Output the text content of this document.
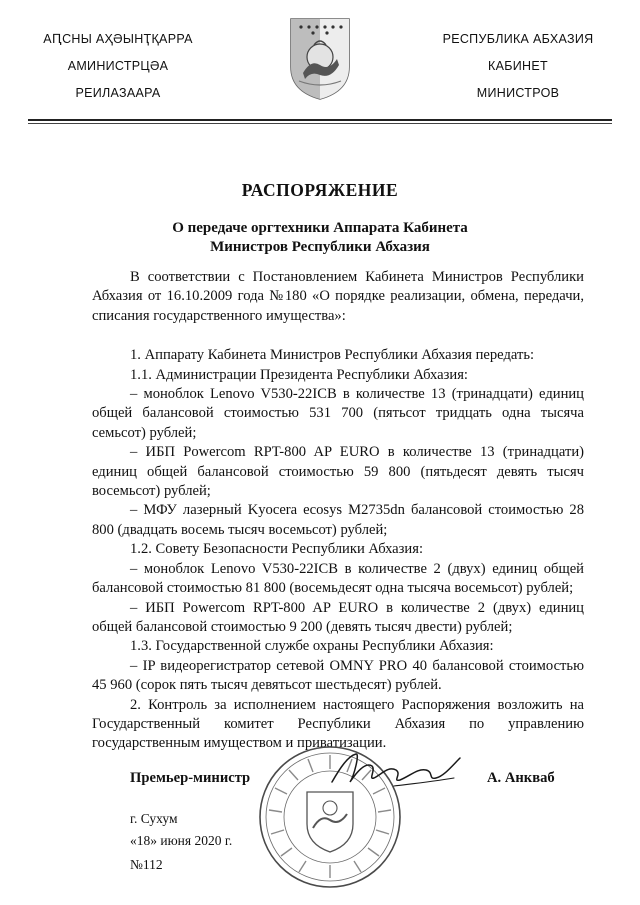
АԤСНЫ АҲӘЫНҬҚАРРА
АМИНИСТРЦӘА
РЕИЛАЗААРА
РЕСПУБЛИКА АБХАЗИЯ
КАБИНЕТ
МИНИСТРОВ
РАСПОРЯЖЕНИЕ
О передаче оргтехники Аппарата Кабинета
Министров Республики Абхазия

В соответствии с Постановлением Кабинета Министров Республики Абхазия от 16.10.2009 года №180 «О порядке реализации, обмена, передачи, списания государственного имущества»:

1. Аппарату Кабинета Министров Республики Абхазия передать:

1.1. Администрации Президента Республики Абхазия:

– моноблок Lenovo V530-22ICB в количестве 13 (тринадцати) единиц общей балансовой стоимостью 531 700 (пятьсот тридцать одна тысяча семьсот) рублей;

– ИБП Powercom RPT-800 AP EURO в количестве 13 (тринадцати) единиц общей балансовой стоимостью 59 800 (пятьдесят девять тысяч восемьсот) рублей;

– МФУ лазерный Kyocera ecosys M2735dn балансовой стоимостью 28 800 (двадцать восемь тысяч восемьсот) рублей;

1.2. Совету Безопасности Республики Абхазия:

– моноблок Lenovo V530-22ICB в количестве 2 (двух) единиц общей балансовой стоимостью 81 800 (восемьдесят одна тысяча восемьсот) рублей;

– ИБП Powercom RPT-800 AP EURO в количестве 2 (двух) единиц общей балансовой стоимостью 9 200 (девять тысяч двести) рублей;

1.3. Государственной службе охраны Республики Абхазия:

– IP видеорегистратор сетевой OMNY PRO 40 балансовой стоимостью 45 960 (сорок пять тысяч девятьсот шестьдесят) рублей.

2. Контроль за исполнением настоящего Распоряжения возложить на Государственный комитет Республики Абхазия по управлению государственным имуществом и приватизации.

Премьер-министр	А. Анкваб
г. Сухум
«18» июня 2020 г.
№112
